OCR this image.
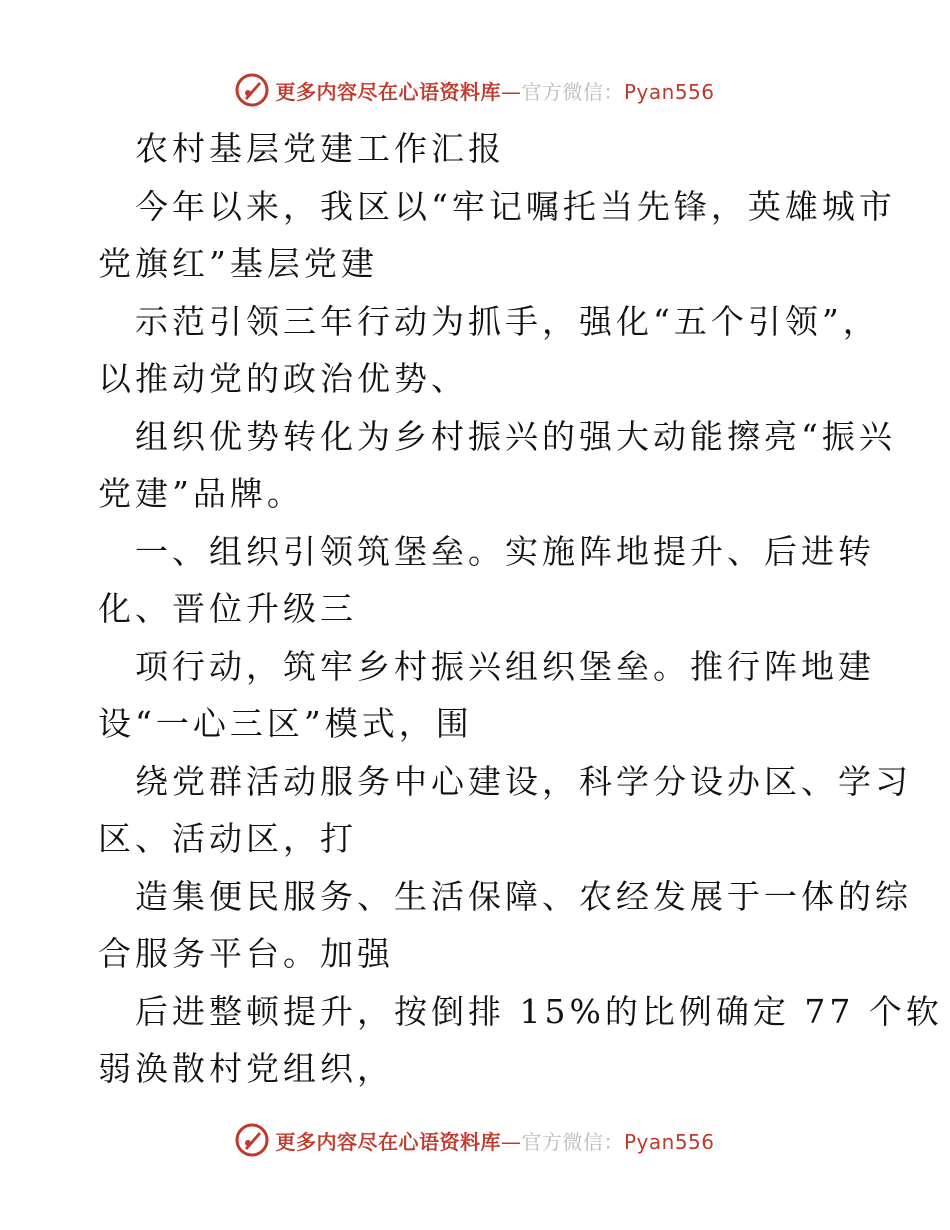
更多内容尽在心语资料库—官方微信：Pyan556

农村基层党建工作汇报

今年以来，我区以“牢记嘱托当先锋，英雄城市

党旗红”基层党建

示范引领三年行动为抓手，强化“五个引领”，

以推动党的政治优势、

组织优势转化为乡村振兴的强大动能擦亮“振兴

党建”品牌。

一、组织引领筑堡垒。实施阵地提升、后进转

化、晋位升级三

项行动，筑牢乡村振兴组织堡垒。推行阵地建

设“一心三区”模式，围

绕党群活动服务中心建设，科学分设办区、学习

区、活动区，打

造集便民服务、生活保障、农经发展于一体的综

合服务平台。加强

后进整顿提升，按倒排 15%的比例确定 77 个软

弱涣散村党组织，

更多内容尽在心语资料库—官方微信：Pyan556
